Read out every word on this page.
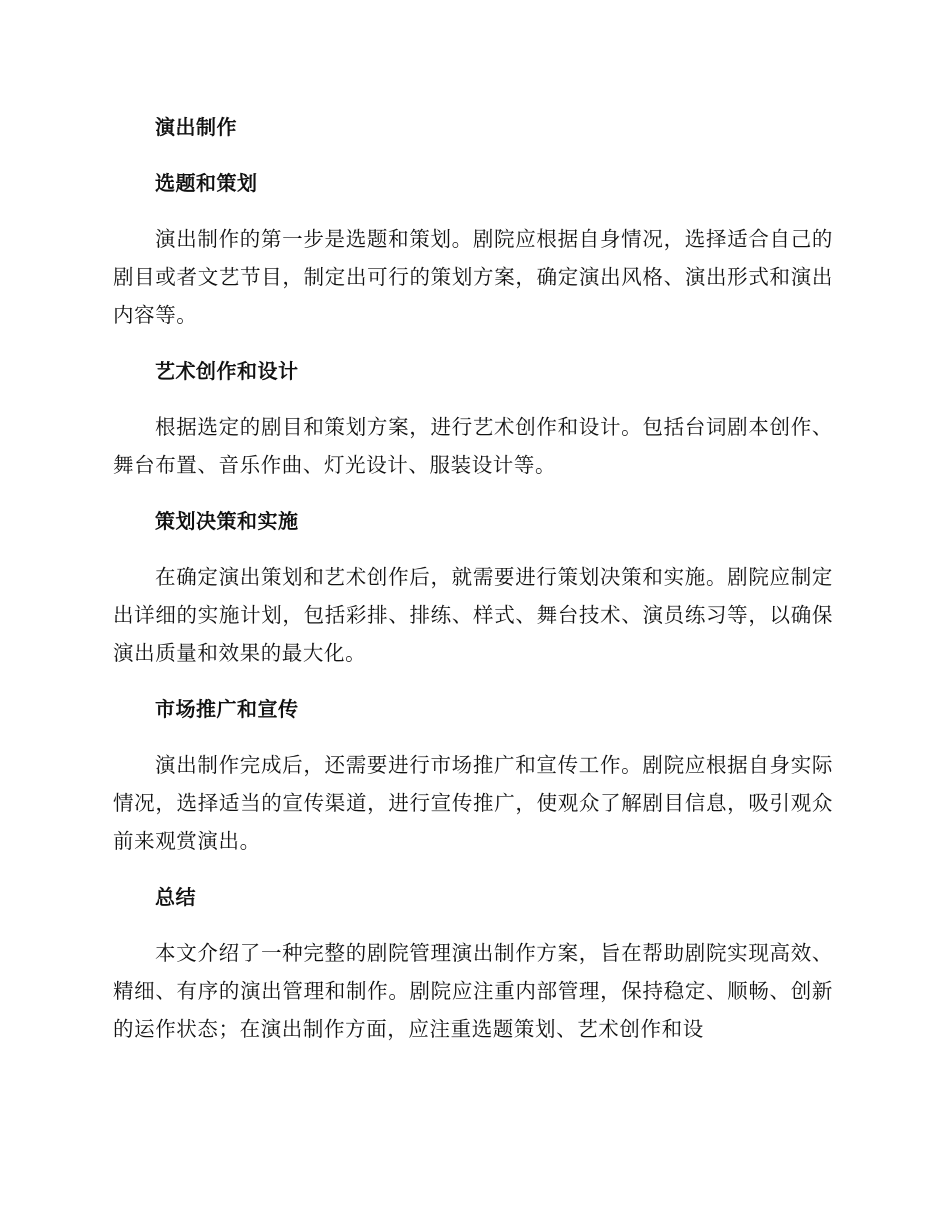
演出制作
选题和策划

演出制作的第一步是选题和策划。剧院应根据自身情况，选择适合自己的剧目或者文艺节目，制定出可行的策划方案，确定演出风格、演出形式和演出内容等。

艺术创作和设计

根据选定的剧目和策划方案，进行艺术创作和设计。包括台词剧本创作、舞台布置、音乐作曲、灯光设计、服装设计等。

策划决策和实施

在确定演出策划和艺术创作后，就需要进行策划决策和实施。剧院应制定出详细的实施计划，包括彩排、排练、样式、舞台技术、演员练习等，以确保演出质量和效果的最大化。

市场推广和宣传

演出制作完成后，还需要进行市场推广和宣传工作。剧院应根据自身实际情况，选择适当的宣传渠道，进行宣传推广，使观众了解剧目信息，吸引观众前来观赏演出。

总结

本文介绍了一种完整的剧院管理演出制作方案，旨在帮助剧院实现高效、精细、有序的演出管理和制作。剧院应注重内部管理，保持稳定、顺畅、创新的运作状态；在演出制作方面，应注重选题策划、艺术创作和设
